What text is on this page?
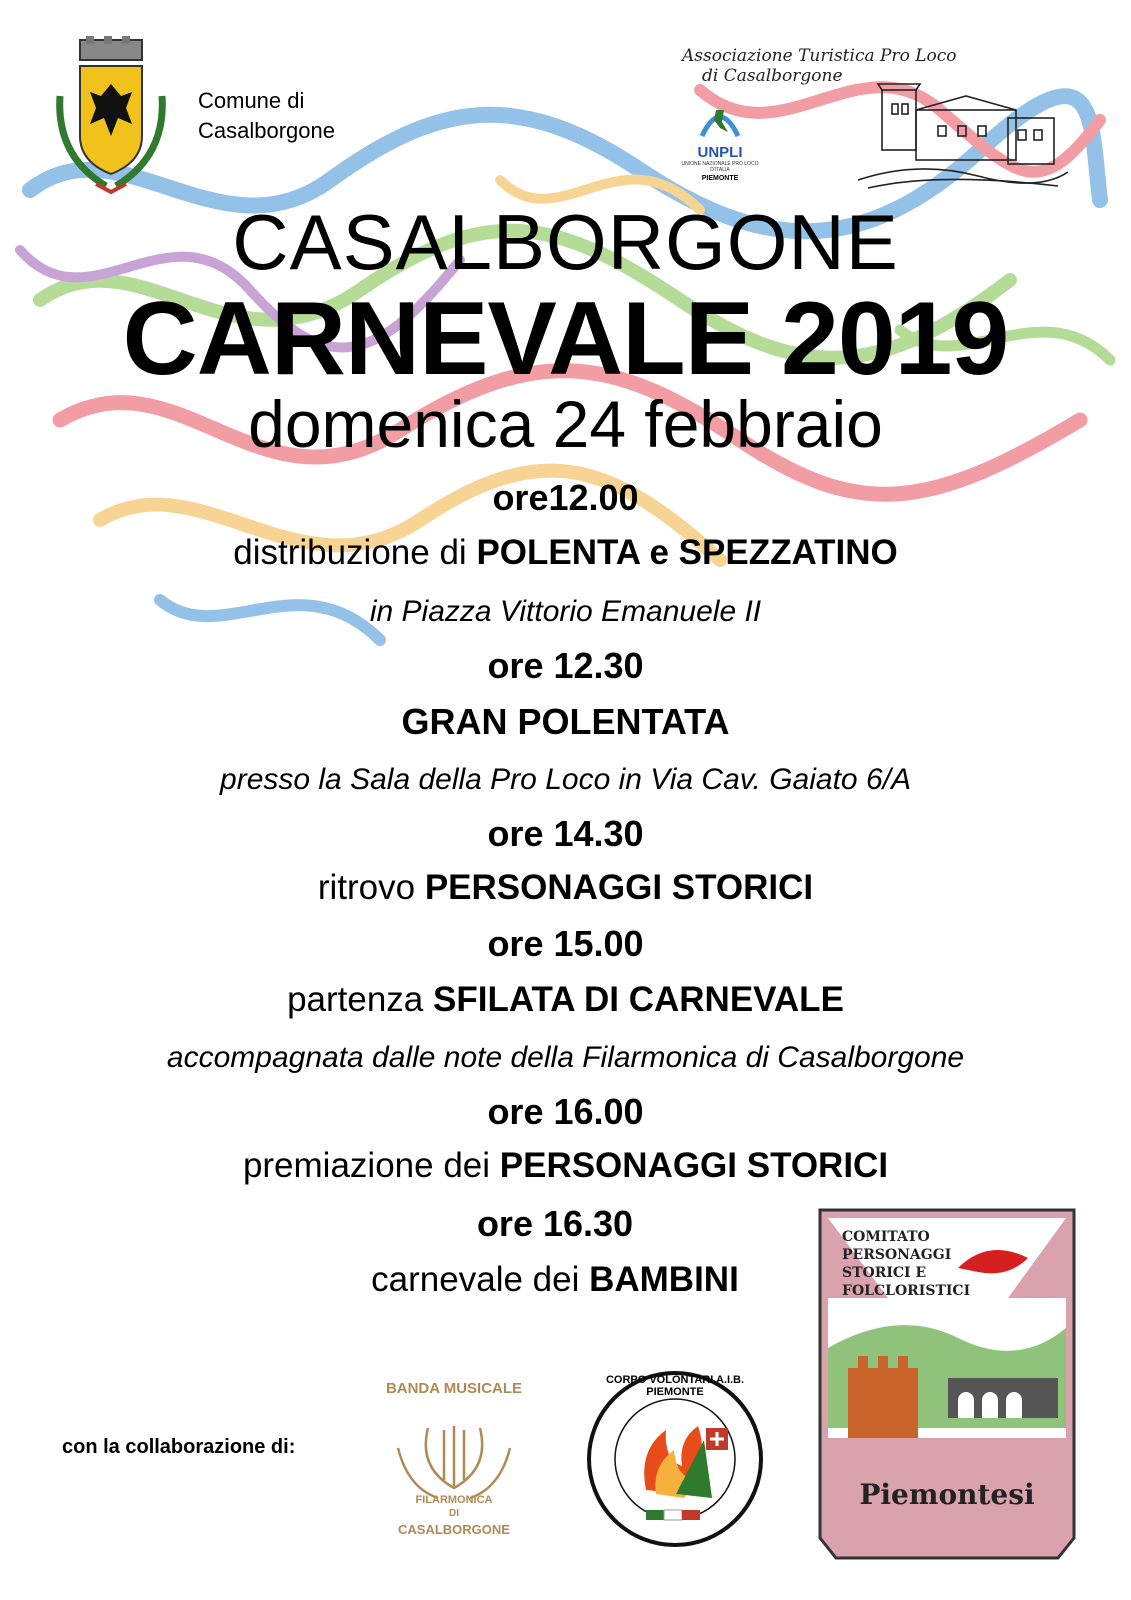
Comune di
Casalborgone
Associazione Turistica Pro Loco
di Casalborgone
UNPLI
UNIONE NAZIONALE PRO LOCO D'ITALIA
PIEMONTE
CASALBORGONE
CARNEVALE 2019
domenica 24 febbraio
ore12.00
distribuzione di POLENTA e SPEZZATINO
in Piazza Vittorio Emanuele II
ore 12.30
GRAN POLENTATA
presso la Sala della Pro Loco in Via Cav. Gaiato 6/A
ore 14.30
ritrovo PERSONAGGI STORICI
ore 15.00
partenza SFILATA DI CARNEVALE
accompagnata dalle note della Filarmonica di Casalborgone
ore 16.00
premiazione dei PERSONAGGI STORICI
ore 16.30
carnevale dei BAMBINI
con la collaborazione di:
BANDA MUSICALE
FILARMONICA
DI
CASALBORGONE
CORPO VOLONTARI A.I.B. PIEMONTE
COMITATO
PERSONAGGI
STORICI E
FOLCLORISTICI
Piemontesi
